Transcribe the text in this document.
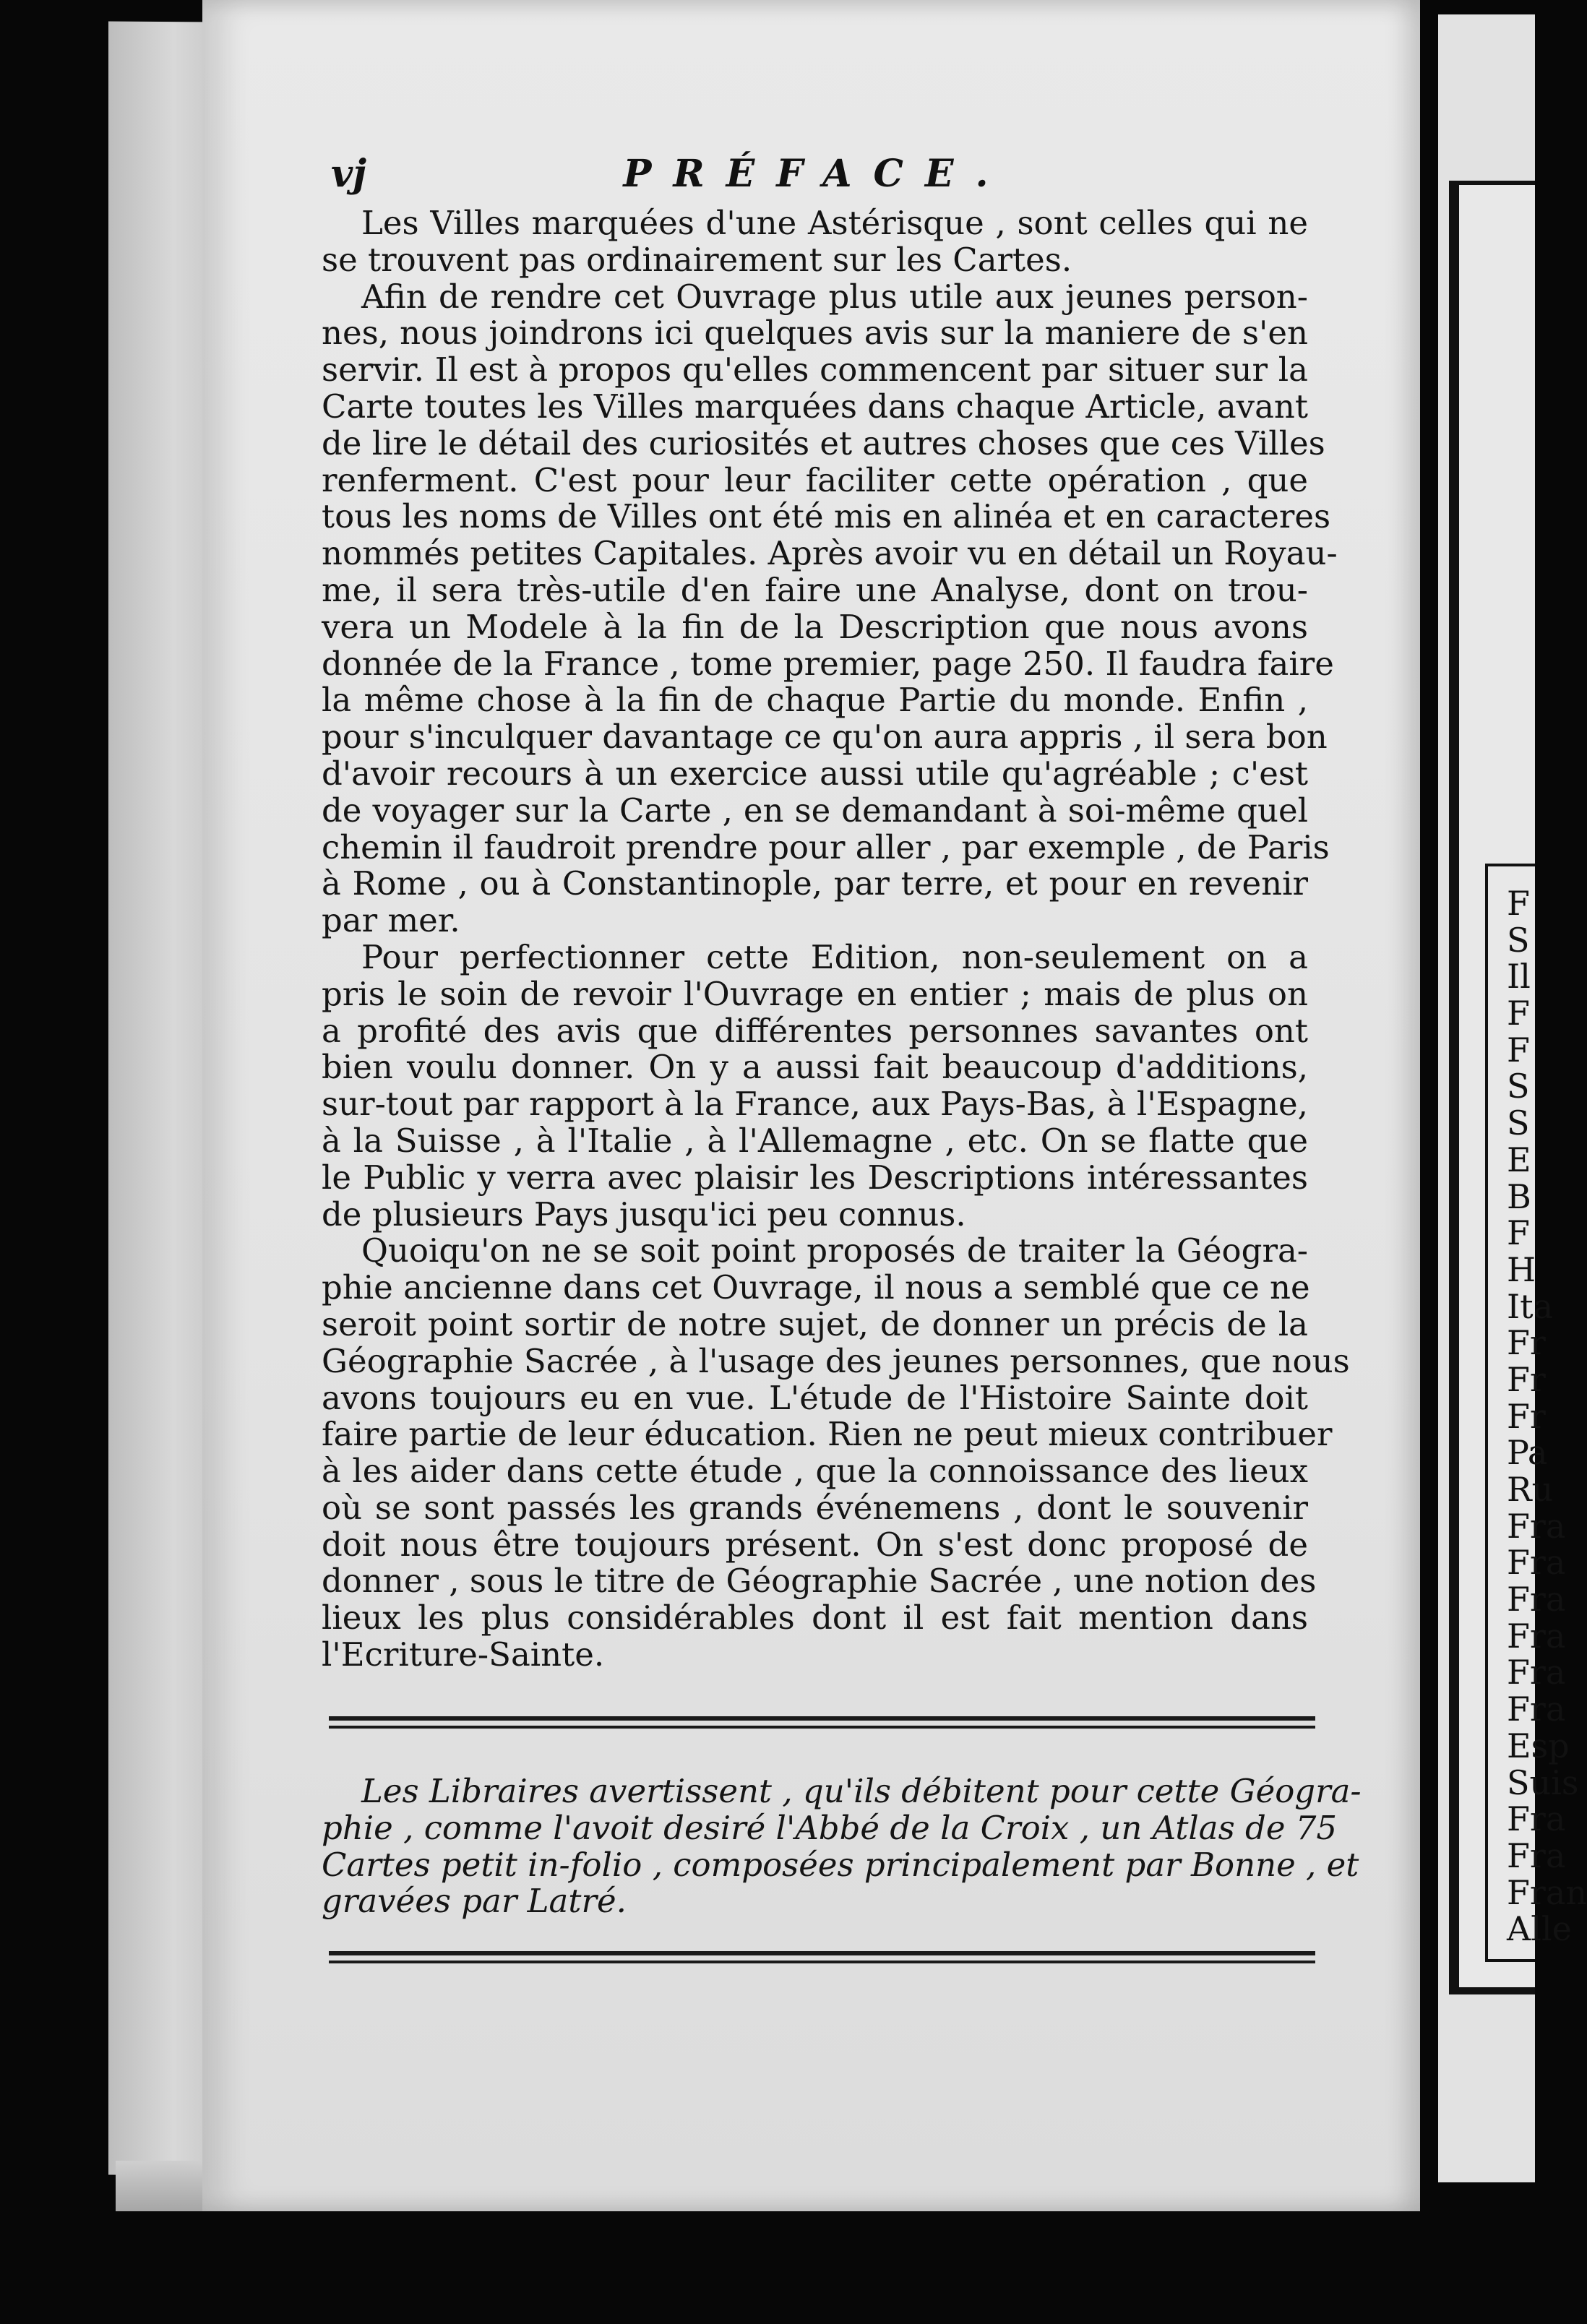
F
S
Il
F
F
S
S
E
B
F
H
Ita
Fr
Fr
Fr
Pa
Ru
Fra
Fra
Fra
Fra
Fra
Fra
Esp
Suis
Fra
Fra
Fran
Alle
vj	PRÉFACE.
Les Villes marquées d'une Astérisque , sont celles qui ne
se trouvent pas ordinairement sur les Cartes.
Afin de rendre cet Ouvrage plus utile aux jeunes person-
nes, nous joindrons ici quelques avis sur la maniere de s'en
servir. Il est à propos qu'elles commencent par situer sur la
Carte toutes les Villes marquées dans chaque Article, avant
de lire le détail des curiosités et autres choses que ces Villes
renferment. C'est pour leur faciliter cette opération , que
tous les noms de Villes ont été mis en alinéa et en caracteres
nommés petites Capitales. Après avoir vu en détail un Royau-
me, il sera très-utile d'en faire une Analyse, dont on trou-
vera un Modele à la fin de la Description que nous avons
donnée de la France , tome premier, page 250. Il faudra faire
la même chose à la fin de chaque Partie du monde. Enfin ,
pour s'inculquer davantage ce qu'on aura appris , il sera bon
d'avoir recours à un exercice aussi utile qu'agréable ; c'est
de voyager sur la Carte , en se demandant à soi-même quel
chemin il faudroit prendre pour aller , par exemple , de Paris
à Rome , ou à Constantinople, par terre, et pour en revenir
par mer.
Pour perfectionner cette Edition, non-seulement on a
pris le soin de revoir l'Ouvrage en entier ; mais de plus on
a profité des avis que différentes personnes savantes ont
bien voulu donner. On y a aussi fait beaucoup d'additions,
sur-tout par rapport à la France, aux Pays-Bas, à l'Espagne,
à la Suisse , à l'Italie , à l'Allemagne , etc. On se flatte que
le Public y verra avec plaisir les Descriptions intéressantes
de plusieurs Pays jusqu'ici peu connus.
Quoiqu'on ne se soit point proposés de traiter la Géogra-
phie ancienne dans cet Ouvrage, il nous a semblé que ce ne
seroit point sortir de notre sujet, de donner un précis de la
Géographie Sacrée , à l'usage des jeunes personnes, que nous
avons toujours eu en vue. L'étude de l'Histoire Sainte doit
faire partie de leur éducation. Rien ne peut mieux contribuer
à les aider dans cette étude , que la connoissance des lieux
où se sont passés les grands événemens , dont le souvenir
doit nous être toujours présent. On s'est donc proposé de
donner , sous le titre de Géographie Sacrée , une notion des
lieux les plus considérables dont il est fait mention dans
l'Ecriture-Sainte.
Les Libraires avertissent , qu'ils débitent pour cette Géogra-
phie , comme l'avoit desiré l'Abbé de la Croix , un Atlas de 75
Cartes petit in-folio , composées principalement par Bonne , et
gravées par Latré.
